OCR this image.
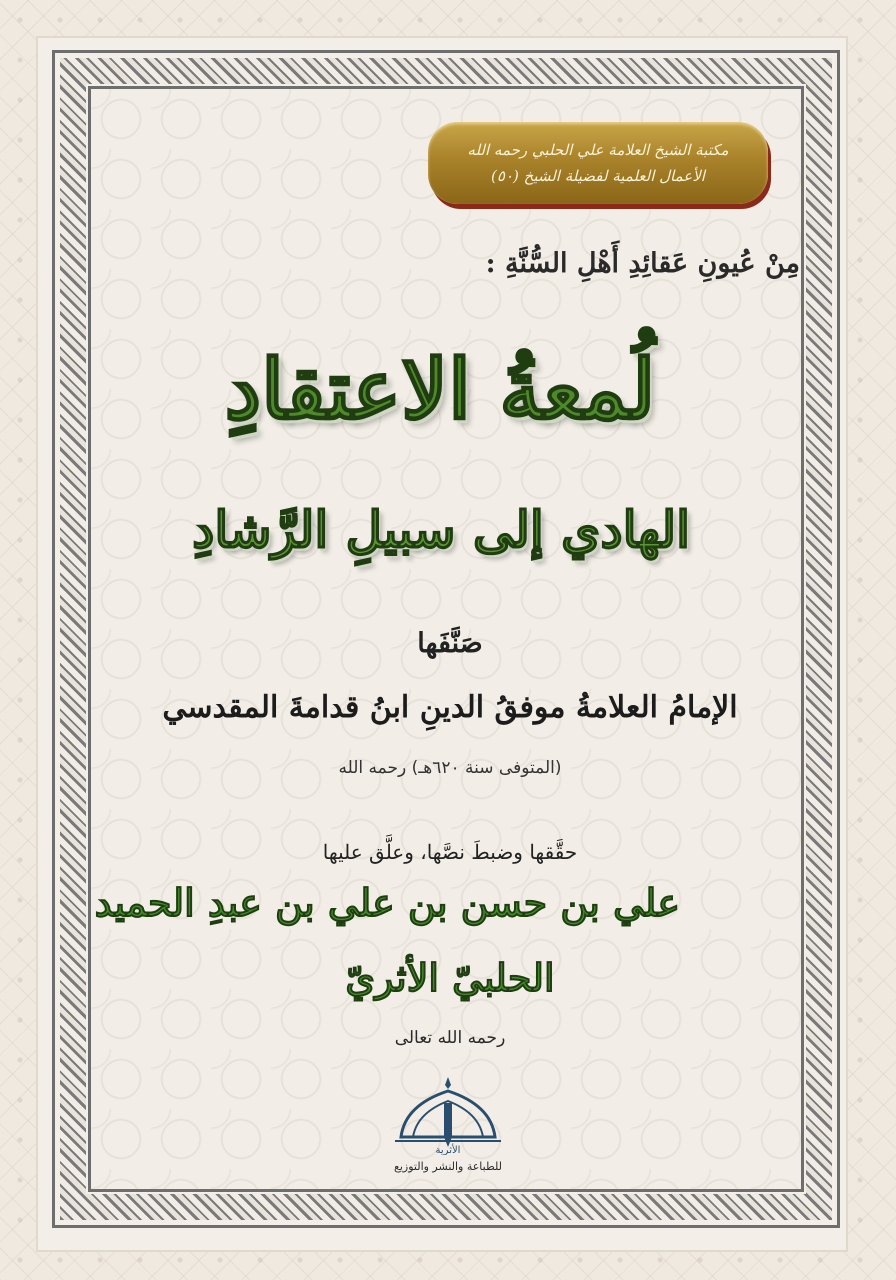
مكتبة الشيخ العلامة علي الحلبي رحمه الله
الأعمال العلمية لفضيلة الشيخ (٥٠)
مِنْ عُيونِ عَقائِدِ أَهْلِ السُّنَّةِ :
لُمعةُ الاعتقادِ
الهادي إلى سبيلِ الرَّشادِ
صَنَّفَها
الإمامُ العلامةُ موفقُ الدينِ ابنُ قدامةَ المقدسي
(المتوفى سنة ٦٢٠هـ) رحمه الله
حقَّقها وضبطَ نصَّها، وعلَّق عليها
علي بن حسن بن علي بن عبدِ الحميد
الحلبيّ الأثريّ
رحمه الله تعالى
الأثرية
للطباعة والنشر والتوزيع
